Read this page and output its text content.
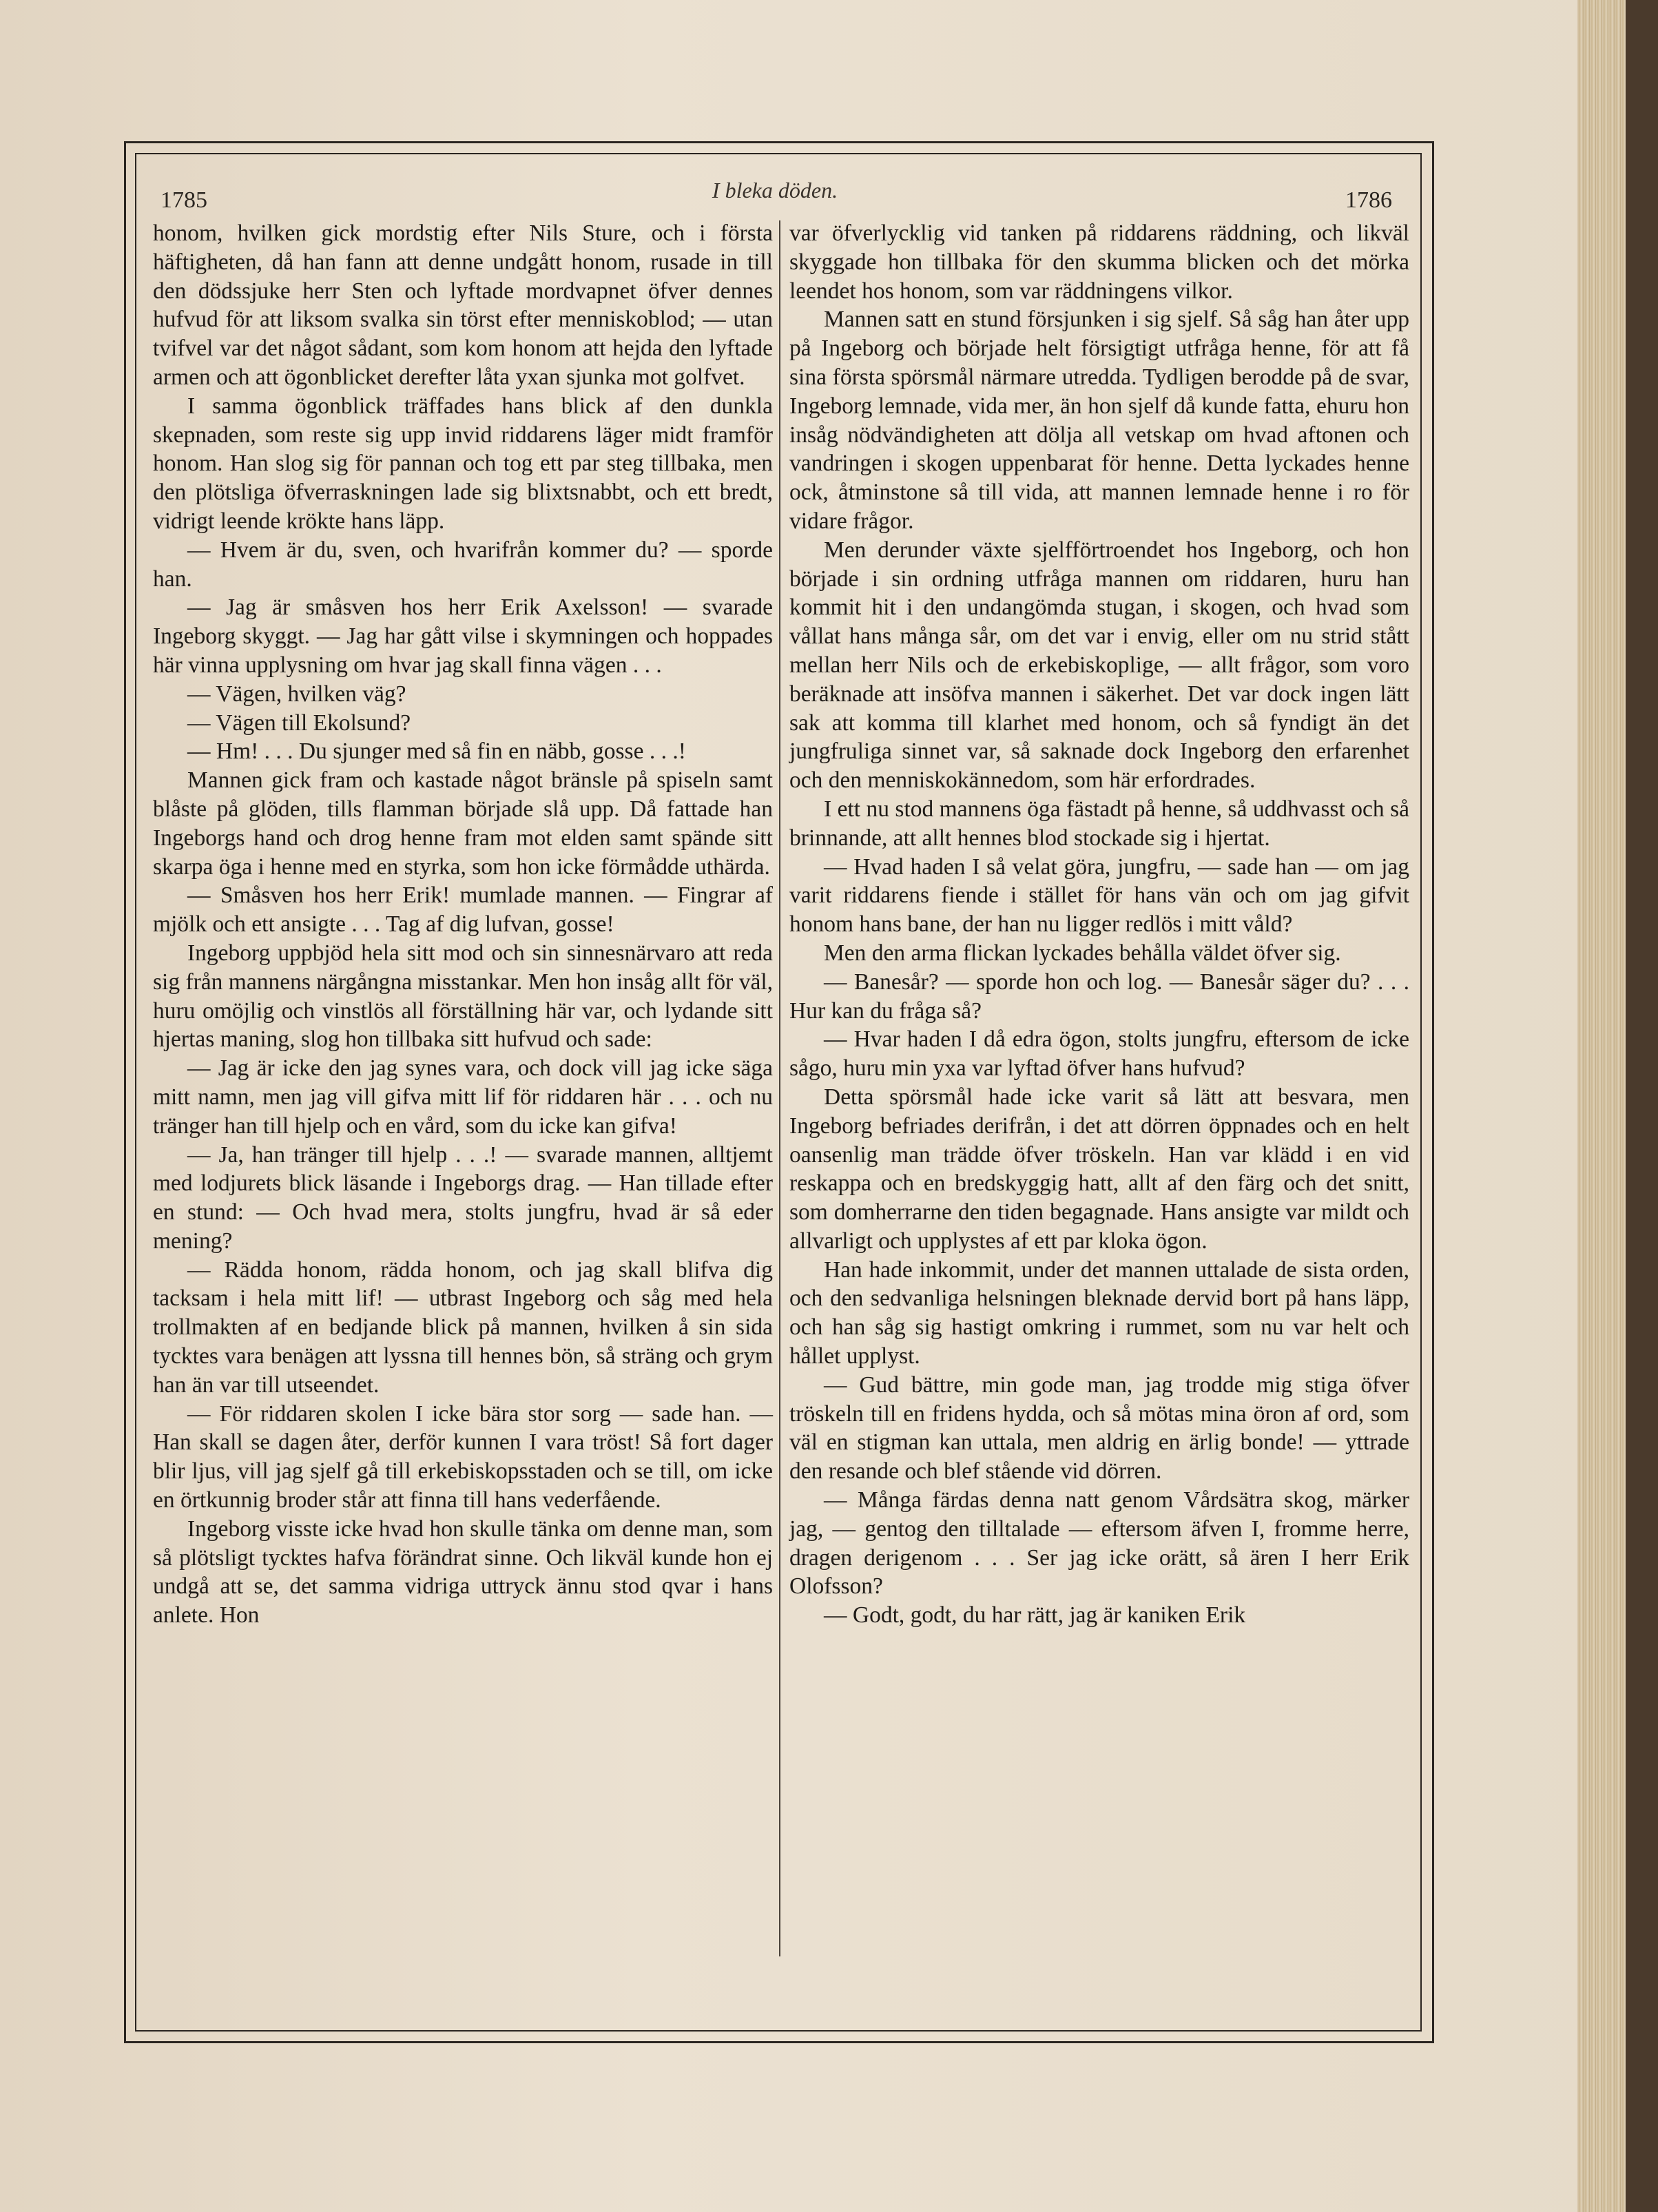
1785	I bleka döden.	1786

honom, hvilken gick mordstig efter Nils Sture, och i första häftigheten, då han fann att denne undgått honom, rusade in till den dödssjuke herr Sten och lyftade mordvapnet öfver dennes hufvud för att liksom svalka sin törst efter menniskoblod; — utan tvifvel var det något sådant, som kom honom att hejda den lyftade armen och att ögonblicket derefter låta yxan sjunka mot golfvet.

I samma ögonblick träffades hans blick af den dunkla skepnaden, som reste sig upp invid riddarens läger midt framför honom. Han slog sig för pannan och tog ett par steg tillbaka, men den plötsliga öfverraskningen lade sig blixtsnabbt, och ett bredt, vidrigt leende krökte hans läpp.

— Hvem är du, sven, och hvarifrån kommer du? — sporde han.

— Jag är småsven hos herr Erik Axelsson! — svarade Ingeborg skyggt. — Jag har gått vilse i skymningen och hoppades här vinna upplysning om hvar jag skall finna vägen . . .

— Vägen, hvilken väg?

— Vägen till Ekolsund?

— Hm! . . . Du sjunger med så fin en näbb, gosse . . .!

Mannen gick fram och kastade något bränsle på spiseln samt blåste på glöden, tills flamman började slå upp. Då fattade han Ingeborgs hand och drog henne fram mot elden samt spände sitt skarpa öga i henne med en styrka, som hon icke förmådde uthärda.

— Småsven hos herr Erik! mumlade mannen. — Fingrar af mjölk och ett ansigte . . . Tag af dig lufvan, gosse!

Ingeborg uppbjöd hela sitt mod och sin sinnesnärvaro att reda sig från mannens närgångna misstankar. Men hon insåg allt för väl, huru omöjlig och vinstlös all förställning här var, och lydande sitt hjertas maning, slog hon tillbaka sitt hufvud och sade:

— Jag är icke den jag synes vara, och dock vill jag icke säga mitt namn, men jag vill gifva mitt lif för riddaren här . . . och nu tränger han till hjelp och en vård, som du icke kan gifva!

— Ja, han tränger till hjelp . . .! — svarade mannen, alltjemt med lodjurets blick läsande i Ingeborgs drag. — Han tillade efter en stund: — Och hvad mera, stolts jungfru, hvad är så eder mening?

— Rädda honom, rädda honom, och jag skall blifva dig tacksam i hela mitt lif! — utbrast Ingeborg och såg med hela trollmakten af en bedjande blick på mannen, hvilken å sin sida tycktes vara benägen att lyssna till hennes bön, så sträng och grym han än var till utseendet.

— För riddaren skolen I icke bära stor sorg — sade han. — Han skall se dagen åter, derför kunnen I vara tröst! Så fort dager blir ljus, vill jag sjelf gå till erkebiskopsstaden och se till, om icke en örtkunnig broder står att finna till hans vederfående.

Ingeborg visste icke hvad hon skulle tänka om denne man, som så plötsligt tycktes hafva förändrat sinne. Och likväl kunde hon ej undgå att se, det samma vidriga uttryck ännu stod qvar i hans anlete. Hon

var öfverlycklig vid tanken på riddarens räddning, och likväl skyggade hon tillbaka för den skumma blicken och det mörka leendet hos honom, som var räddningens vilkor.

Mannen satt en stund försjunken i sig sjelf. Så såg han åter upp på Ingeborg och började helt försigtigt utfråga henne, för att få sina första spörsmål närmare utredda. Tydligen berodde på de svar, Ingeborg lemnade, vida mer, än hon sjelf då kunde fatta, ehuru hon insåg nödvändigheten att dölja all vetskap om hvad aftonen och vandringen i skogen uppenbarat för henne. Detta lyckades henne ock, åtminstone så till vida, att mannen lemnade henne i ro för vidare frågor.

Men derunder växte sjelfförtroendet hos Ingeborg, och hon började i sin ordning utfråga mannen om riddaren, huru han kommit hit i den undangömda stugan, i skogen, och hvad som vållat hans många sår, om det var i envig, eller om nu strid stått mellan herr Nils och de erkebiskoplige, — allt frågor, som voro beräknade att insöfva mannen i säkerhet. Det var dock ingen lätt sak att komma till klarhet med honom, och så fyndigt än det jungfruliga sinnet var, så saknade dock Ingeborg den erfarenhet och den menniskokännedom, som här erfordrades.

I ett nu stod mannens öga fästadt på henne, så uddhvasst och så brinnande, att allt hennes blod stockade sig i hjertat.

— Hvad haden I så velat göra, jungfru, — sade han — om jag varit riddarens fiende i stället för hans vän och om jag gifvit honom hans bane, der han nu ligger redlös i mitt våld?

Men den arma flickan lyckades behålla väldet öfver sig.

— Banesår? — sporde hon och log. — Banesår säger du? . . . Hur kan du fråga så?

— Hvar haden I då edra ögon, stolts jungfru, eftersom de icke sågo, huru min yxa var lyftad öfver hans hufvud?

Detta spörsmål hade icke varit så lätt att besvara, men Ingeborg befriades derifrån, i det att dörren öppnades och en helt oansenlig man trädde öfver tröskeln. Han var klädd i en vid reskappa och en bredskyggig hatt, allt af den färg och det snitt, som domherrarne den tiden begagnade. Hans ansigte var mildt och allvarligt och upplystes af ett par kloka ögon.

Han hade inkommit, under det mannen uttalade de sista orden, och den sedvanliga helsningen bleknade dervid bort på hans läpp, och han såg sig hastigt omkring i rummet, som nu var helt och hållet upplyst.

— Gud bättre, min gode man, jag trodde mig stiga öfver tröskeln till en fridens hydda, och så mötas mina öron af ord, som väl en stigman kan uttala, men aldrig en ärlig bonde! — yttrade den resande och blef stående vid dörren.

— Många färdas denna natt genom Vårdsätra skog, märker jag, — gentog den tilltalade — eftersom äfven I, fromme herre, dragen derigenom . . . Ser jag icke orätt, så ären I herr Erik Olofsson?

— Godt, godt, du har rätt, jag är kaniken Erik
